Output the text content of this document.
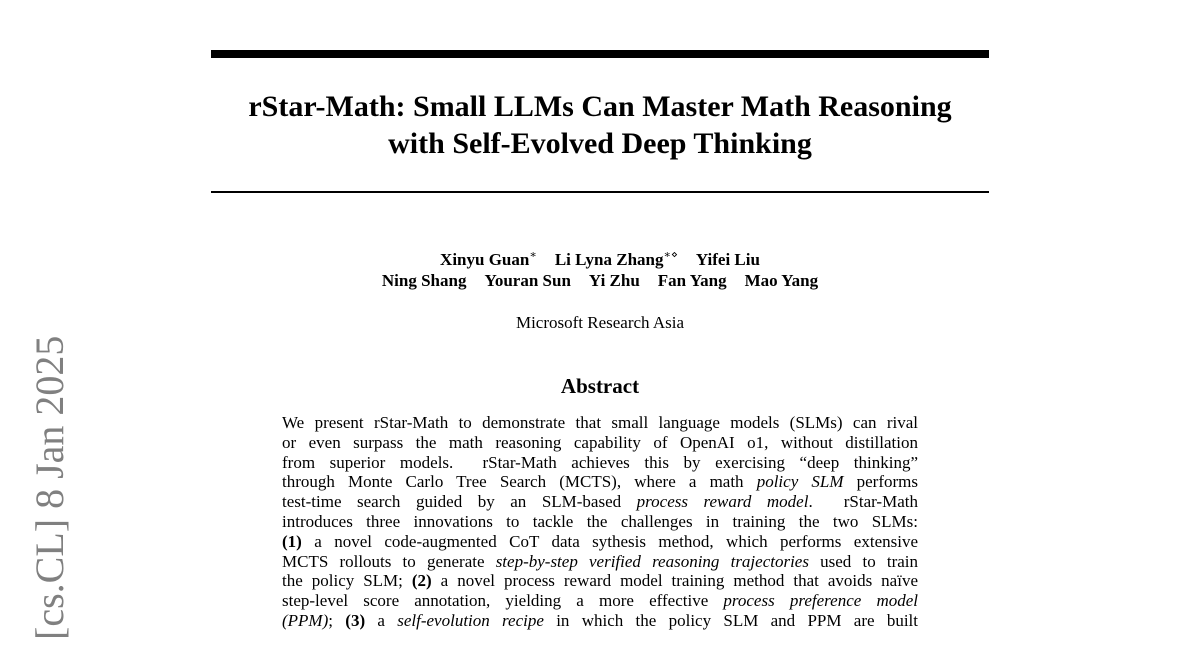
rStar-Math: Small LLMs Can Master Math Reasoning
with Self-Evolved Deep Thinking
Xinyu Guan∗ Li Lyna Zhang∗⋄ Yifei Liu
Ning Shang Youran Sun Yi Zhu Fan Yang Mao Yang
Microsoft Research Asia
Abstract
We present rStar-Math to demonstrate that small language models (SLMs) can rival
or even surpass the math reasoning capability of OpenAI o1, without distillation
from superior models.  rStar-Math achieves this by exercising “deep thinking”
through Monte Carlo Tree Search (MCTS), where a math policy SLM performs
test-time search guided by an SLM-based process reward model.  rStar-Math
introduces three innovations to tackle the challenges in training the two SLMs:
(1) a novel code-augmented CoT data sythesis method, which performs extensive
MCTS rollouts to generate step-by-step verified reasoning trajectories used to train
the policy SLM; (2) a novel process reward model training method that avoids naïve
step-level score annotation, yielding a more effective process preference model
(PPM); (3) a self-evolution recipe in which the policy SLM and PPM are built
[cs.CL] 8 Jan 2025
